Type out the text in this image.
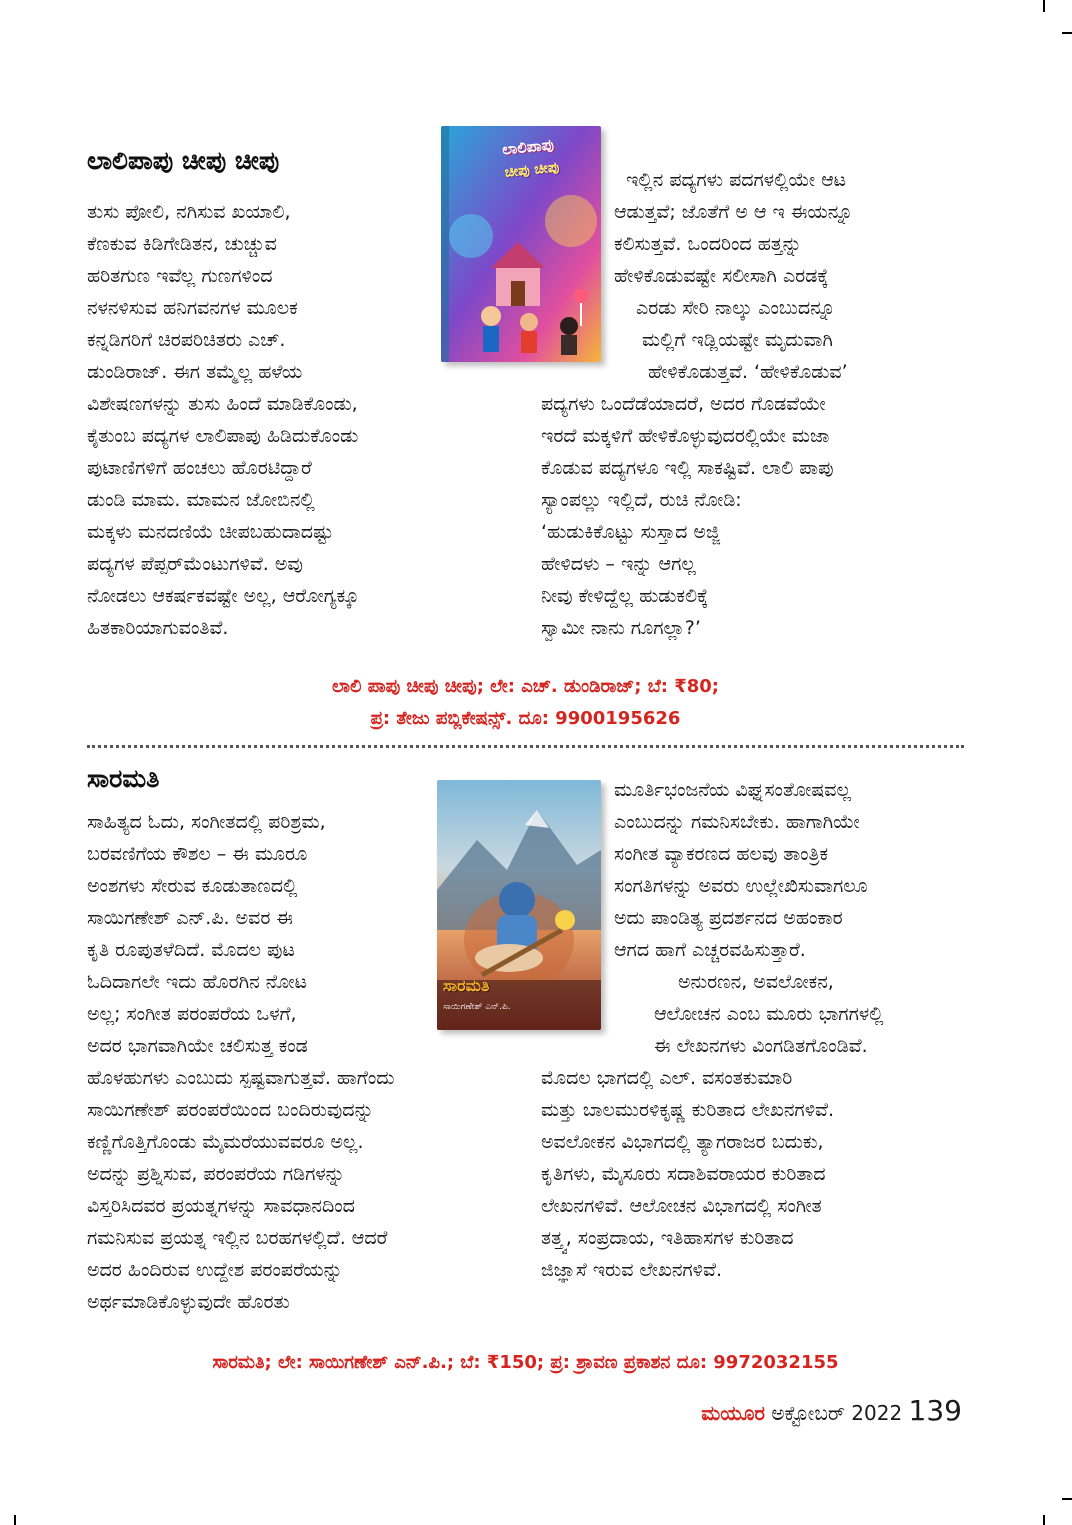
ಲಾಲಿಪಾಪು ಚೀಪು ಚೀಪು	ಲಾಲಿಪಾಪು
ಚೀಪು ಚೀಪು
ತುಸು ಪೋಲಿ, ನಗಿಸುವ ಖಯಾಲಿ,
ಕೆಣಕುವ ಕಿಡಿಗೇಡಿತನ, ಚುಚ್ಚುವ
ಹರಿತಗುಣ ಇವೆಲ್ಲ ಗುಣಗಳಿಂದ
ನಳನಳಿಸುವ ಹನಿಗವನಗಳ ಮೂಲಕ
ಕನ್ನಡಿಗರಿಗೆ ಚಿರಪರಿಚಿತರು ಎಚ್.
ಡುಂಡಿರಾಜ್. ಈಗ ತಮ್ಮೆಲ್ಲ ಹಳೆಯ
ವಿಶೇಷಣಗಳನ್ನು ತುಸು ಹಿಂದೆ ಮಾಡಿಕೊಂಡು,
ಕೈತುಂಬ ಪದ್ಯಗಳ ಲಾಲಿಪಾಪು ಹಿಡಿದುಕೊಂಡು
ಪುಟಾಣಿಗಳಿಗೆ ಹಂಚಲು ಹೊರಟಿದ್ದಾರೆ
ಡುಂಡಿ ಮಾಮ. ಮಾಮನ ಜೋಬಿನಲ್ಲಿ
ಮಕ್ಕಳು ಮನದಣಿಯೆ ಚೀಪಬಹುದಾದಷ್ಟು
ಪದ್ಯಗಳ ಪೆಪ್ಪರ್‌ಮೆಂಟುಗಳಿವೆ. ಅವು
ನೋಡಲು ಆಕರ್ಷಕವಷ್ಟೇ ಅಲ್ಲ, ಆರೋಗ್ಯಕ್ಕೂ
ಹಿತಕಾರಿಯಾಗುವಂತಿವೆ.
ಇಲ್ಲಿನ ಪದ್ಯಗಳು ಪದಗಳಲ್ಲಿಯೇ ಆಟ
ಆಡುತ್ತವೆ; ಜೊತೆಗೆ ಅ ಆ ಇ ಈಯನ್ನೂ
ಕಲಿಸುತ್ತವೆ. ಒಂದರಿಂದ ಹತ್ತನ್ನು
ಹೇಳಿಕೊಡುವಷ್ಟೇ ಸಲೀಸಾಗಿ ಎರಡಕ್ಕೆ
ಎರಡು ಸೇರಿ ನಾಲ್ಕು ಎಂಬುದನ್ನೂ
ಮಲ್ಲಿಗೆ ಇಡ್ಲಿಯಷ್ಟೇ ಮೃದುವಾಗಿ
ಹೇಳಿಕೊಡುತ್ತವೆ. ‘ಹೇಳಿಕೊಡುವ’
ಪದ್ಯಗಳು ಒಂದೆಡೆಯಾದರೆ, ಅದರ ಗೊಡವೆಯೇ
ಇರದೆ ಮಕ್ಕಳಿಗೆ ಹೇಳಿಕೊಳ್ಳುವುದರಲ್ಲಿಯೇ ಮಜಾ
ಕೊಡುವ ಪದ್ಯಗಳೂ ಇಲ್ಲಿ ಸಾಕಷ್ಟಿವೆ. ಲಾಲಿ ಪಾಪು
ಸ್ಯಾಂಪಲ್ಲು ಇಲ್ಲಿದೆ, ರುಚಿ ನೋಡಿ:
‘ಹುಡುಕಿಕೊಟ್ಟು ಸುಸ್ತಾದ ಅಜ್ಜಿ
ಹೇಳಿದಳು – ಇನ್ನು ಆಗಲ್ಲ
ನೀವು ಕೇಳಿದ್ದೆಲ್ಲ ಹುಡುಕಲಿಕ್ಕೆ
ಸ್ವಾಮೀ ನಾನು ಗೂಗಲ್ಲಾ?’
ಲಾಲಿ ಪಾಪು ಚೀಪು ಚೀಪು; ಲೇ: ಎಚ್. ಡುಂಡಿರಾಜ್; ಬೆ: ₹80;
ಪ್ರ: ತೇಜು ಪಬ್ಲಿಕೇಷನ್ಸ್. ದೂ: 9900195626
ಸಾರಮತಿ
ಸಾರಮತಿ
ಸಾಯಿಗಣೇಶ್ ಎನ್.ಪಿ.
ಸಾಹಿತ್ಯದ ಓದು, ಸಂಗೀತದಲ್ಲಿ ಪರಿಶ್ರಮ,
ಬರವಣಿಗೆಯ ಕೌಶಲ – ಈ ಮೂರೂ
ಅಂಶಗಳು ಸೇರುವ ಕೂಡುತಾಣದಲ್ಲಿ
ಸಾಯಿಗಣೇಶ್ ಎನ್.ಪಿ. ಅವರ ಈ
ಕೃತಿ ರೂಪುತಳೆದಿದೆ. ಮೊದಲ ಪುಟ
ಓದಿದಾಗಲೇ ಇದು ಹೊರಗಿನ ನೋಟ
ಅಲ್ಲ; ಸಂಗೀತ ಪರಂಪರೆಯ ಒಳಗೆ,
ಅದರ ಭಾಗವಾಗಿಯೇ ಚಲಿಸುತ್ತ ಕಂಡ
ಹೊಳಹುಗಳು ಎಂಬುದು ಸ್ಪಷ್ಟವಾಗುತ್ತವೆ. ಹಾಗೆಂದು
ಸಾಯಿಗಣೇಶ್ ಪರಂಪರೆಯಿಂದ ಬಂದಿರುವುದನ್ನು
ಕಣ್ಣಿಗೊತ್ತಿಗೊಂಡು ಮೈಮರೆಯುವವರೂ ಅಲ್ಲ.
ಅದನ್ನು ಪ್ರಶ್ನಿಸುವ, ಪರಂಪರೆಯ ಗಡಿಗಳನ್ನು
ವಿಸ್ತರಿಸಿದವರ ಪ್ರಯತ್ನಗಳನ್ನು ಸಾವಧಾನದಿಂದ
ಗಮನಿಸುವ ಪ್ರಯತ್ನ ಇಲ್ಲಿನ ಬರಹಗಳಲ್ಲಿದೆ. ಆದರೆ
ಅದರ ಹಿಂದಿರುವ ಉದ್ದೇಶ ಪರಂಪರೆಯನ್ನು
ಅರ್ಥಮಾಡಿಕೊಳ್ಳುವುದೇ ಹೊರತು
ಮೂರ್ತಿಭಂಜನೆಯ ವಿಘ್ನಸಂತೋಷವಲ್ಲ
ಎಂಬುದನ್ನು ಗಮನಿಸಬೇಕು. ಹಾಗಾಗಿಯೇ
ಸಂಗೀತ ವ್ಯಾಕರಣದ ಹಲವು ತಾಂತ್ರಿಕ
ಸಂಗತಿಗಳನ್ನು ಅವರು ಉಲ್ಲೇಖಿಸುವಾಗಲೂ
ಅದು ಪಾಂಡಿತ್ಯ ಪ್ರದರ್ಶನದ ಅಹಂಕಾರ
ಆಗದ ಹಾಗೆ ಎಚ್ಚರವಹಿಸುತ್ತಾರೆ.
ಅನುರಣನ, ಅವಲೋಕನ,
ಆಲೋಚನ ಎಂಬ ಮೂರು ಭಾಗಗಳಲ್ಲಿ
ಈ ಲೇಖನಗಳು ವಿಂಗಡಿತಗೊಂಡಿವೆ.
ಮೊದಲ ಭಾಗದಲ್ಲಿ ಎಲ್. ವಸಂತಕುಮಾರಿ
ಮತ್ತು ಬಾಲಮುರಳಿಕೃಷ್ಣ ಕುರಿತಾದ ಲೇಖನಗಳಿವೆ.
ಅವಲೋಕನ ವಿಭಾಗದಲ್ಲಿ ತ್ಯಾಗರಾಜರ ಬದುಕು,
ಕೃತಿಗಳು, ಮೈಸೂರು ಸದಾಶಿವರಾಯರ ಕುರಿತಾದ
ಲೇಖನಗಳಿವೆ. ಆಲೋಚನ ವಿಭಾಗದಲ್ಲಿ ಸಂಗೀತ
ತತ್ತ್ವ, ಸಂಪ್ರದಾಯ, ಇತಿಹಾಸಗಳ ಕುರಿತಾದ
ಜಿಜ್ಞಾಸೆ ಇರುವ ಲೇಖನಗಳಿವೆ.
ಸಾರಮತಿ; ಲೇ: ಸಾಯಿಗಣೇಶ್ ಎನ್.ಪಿ.; ಬೆ: ₹150; ಪ್ರ: ಶ್ರಾವಣ ಪ್ರಕಾಶನ ದೂ: 9972032155
ಮಯೂರ ಅಕ್ಟೋಬರ್ 2022 139
